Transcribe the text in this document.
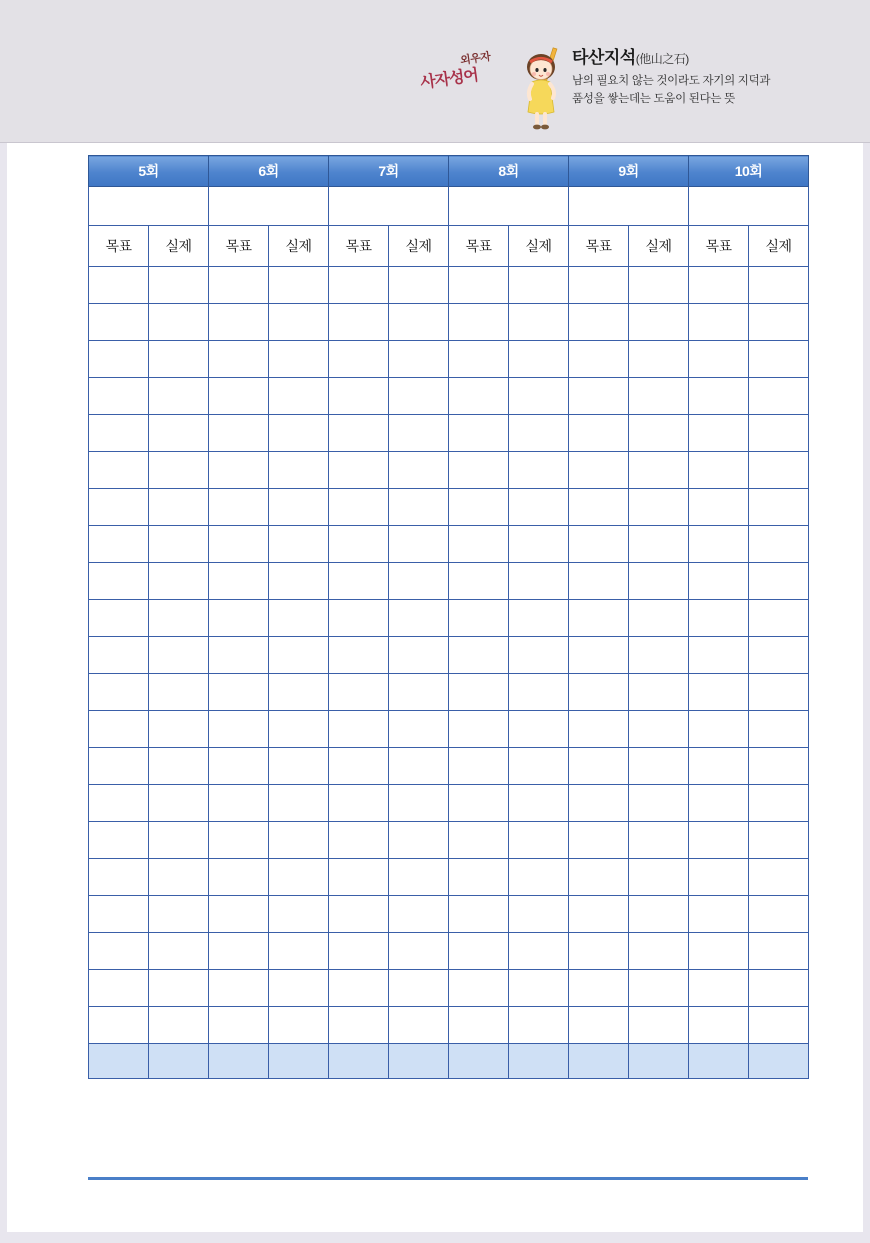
외우자
사자성어
타산지석(他山之石)
남의 필요치 않는 것이라도 자기의 지덕과
품성을 쌓는데는 도움이 된다는 뜻
5회		6회		7회		8회		9회		10회	

목표	실제	목표	실제	목표	실제	목표	실제	목표	실제	목표	실제
